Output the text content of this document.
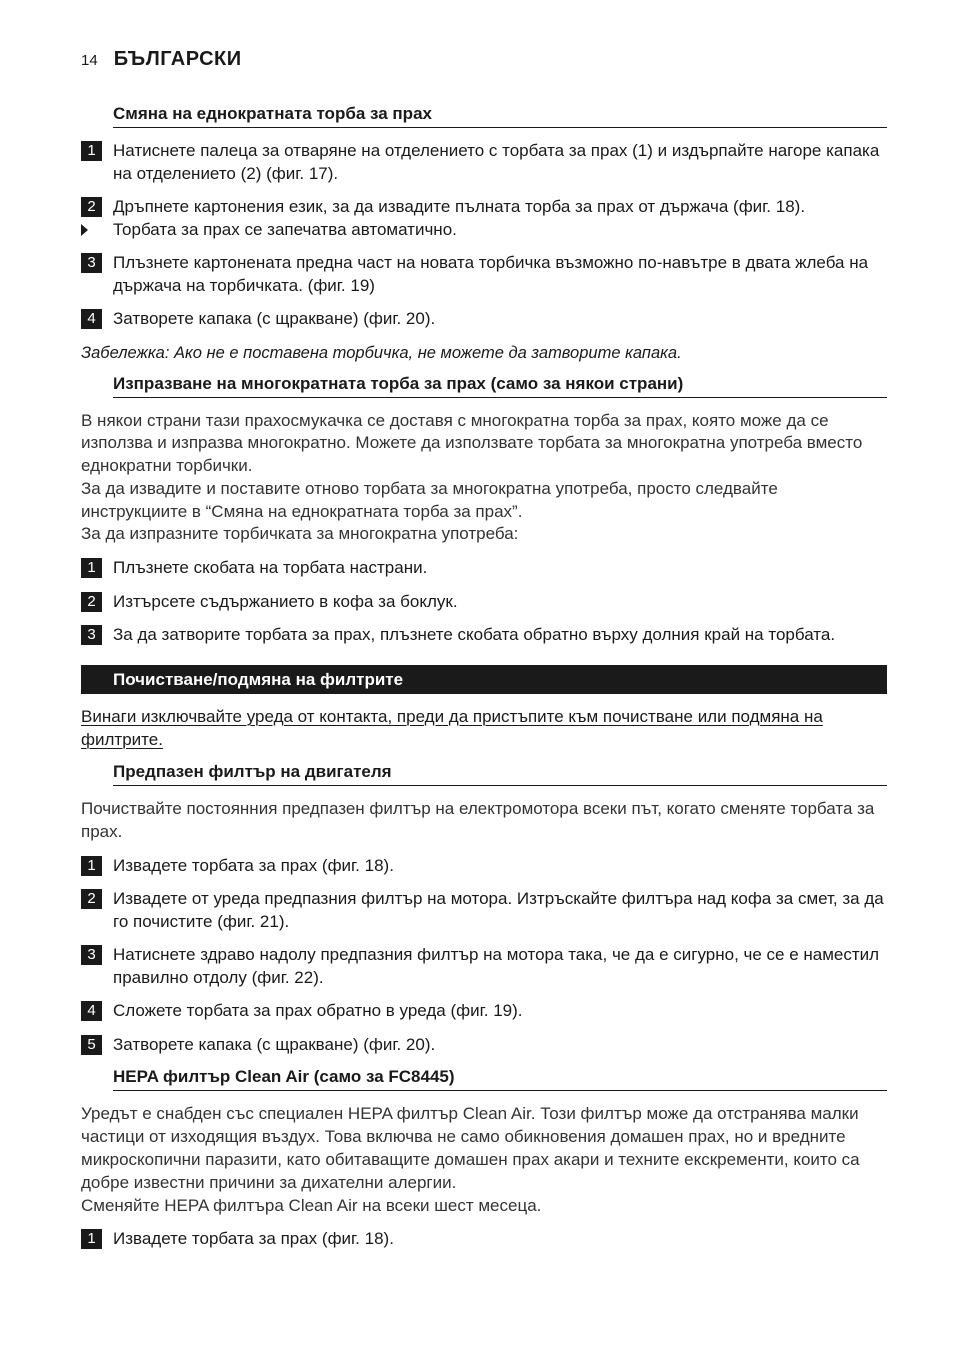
14 БЪЛГАРСКИ
Смяна на еднократната торба за прах
1	Натиснете палеца за отваряне на отделението с торбата за прах (1) и издърпайте нагоре капака на отделението (2) (фиг. 17).
2	Дръпнете картонения език, за да извадите пълната торба за прах от държача (фиг. 18).
Торбата за прах се запечатва автоматично.
3	Плъзнете картонената предна част на новата торбичка възможно по-навътре в двата жлеба на държача на торбичката. (фиг. 19)
4	Затворете капака (с щракване) (фиг. 20).
Забележка: Ако не е поставена торбичка, не можете да затворите капака.
Изпразване на многократната торба за прах (само за някои страни)
В някои страни тази прахосмукачка се доставя с многократна торба за прах, която може да се използва и изпразва многократно. Можете да използвате торбата за многократна употреба вместо еднократни торбички.
За да извадите и поставите отново торбата за многократна употреба, просто следвайте инструкциите в “Смяна на еднократната торба за прах”.
За да изпразните торбичката за многократна употреба:
1	Плъзнете скобата на торбата настрани.
2	Изтърсете съдържанието в кофа за боклук.
3	За да затворите торбата за прах, плъзнете скобата обратно върху долния край на торбата.
Почистване/подмяна на филтрите
Винаги изключвайте уреда от контакта, преди да пристъпите към почистване или подмяна на филтрите.
Предпазен филтър на двигателя
Почиствайте постоянния предпазен филтър на електромотора всеки път, когато сменяте торбата за прах.
1	Извадете торбата за прах (фиг. 18).
2	Извадете от уреда предпазния филтър на мотора. Изтръскайте филтъра над кофа за смет, за да го почистите (фиг. 21).
3	Натиснете здраво надолу предпазния филтър на мотора така, че да е сигурно, че се е наместил правилно отдолу (фиг. 22).
4	Сложете торбата за прах обратно в уреда (фиг. 19).
5	Затворете капака (с щракване) (фиг. 20).
HEPA филтър Clean Air (само за FC8445)
Уредът е снабден със специален HEPA филтър Clean Air. Този филтър може да отстранява малки частици от изходящия въздух. Това включва не само обикновения домашен прах, но и вредните микроскопични паразити, като обитаващите домашен прах акари и техните екскременти, които са добре известни причини за дихателни алергии.
Сменяйте HEPA филтъра Clean Air на всеки шест месеца.
1	Извадете торбата за прах (фиг. 18).
